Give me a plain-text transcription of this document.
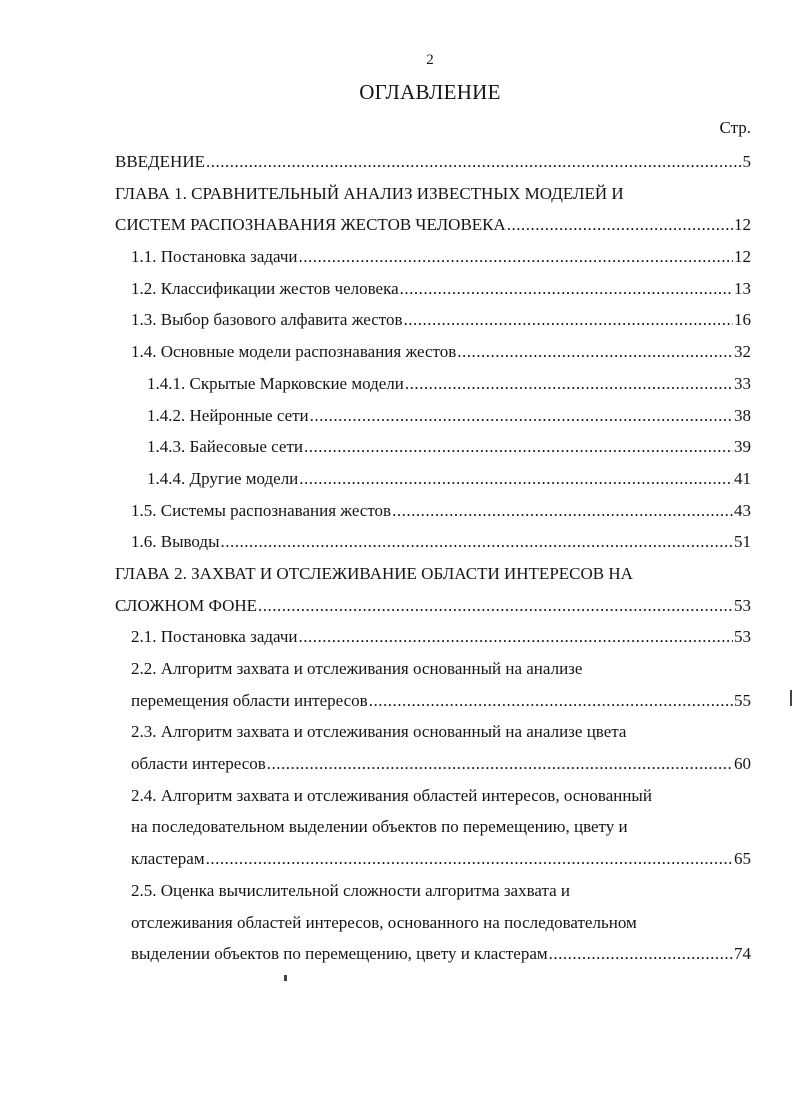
2
ОГЛАВЛЕНИЕ
Стр.
ВВЕДЕНИЕ .....	5
ГЛАВА 1. СРАВНИТЕЛЬНЫЙ АНАЛИЗ ИЗВЕСТНЫХ МОДЕЛЕЙ И
СИСТЕМ РАСПОЗНАВАНИЯ ЖЕСТОВ ЧЕЛОВЕКА .....	12
1.1. Постановка задачи .....	12
1.2. Классификации жестов человека .....	13
1.3. Выбор базового алфавита жестов .....	16
1.4. Основные модели распознавания жестов .....	32
1.4.1. Скрытые Марковские модели .....	33
1.4.2. Нейронные сети .....	38
1.4.3. Байесовые сети .....	39
1.4.4. Другие модели .....	41
1.5. Системы распознавания жестов .....	43
1.6. Выводы .....	51
ГЛАВА 2. ЗАХВАТ И ОТСЛЕЖИВАНИЕ ОБЛАСТИ ИНТЕРЕСОВ НА
СЛОЖНОМ ФОНЕ .....	53
2.1. Постановка задачи .....	53
2.2. Алгоритм захвата и отслеживания основанный на анализе
перемещения области интересов .....	55
2.3. Алгоритм захвата и отслеживания основанный на анализе цвета
области интересов .....	60
2.4. Алгоритм захвата и отслеживания областей интересов, основанный
на последовательном выделении объектов по перемещению, цвету и
кластерам .....	65
2.5. Оценка вычислительной сложности алгоритма захвата и
отслеживания областей интересов, основанного на последовательном
выделении объектов по перемещению, цвету и кластерам .....	74
